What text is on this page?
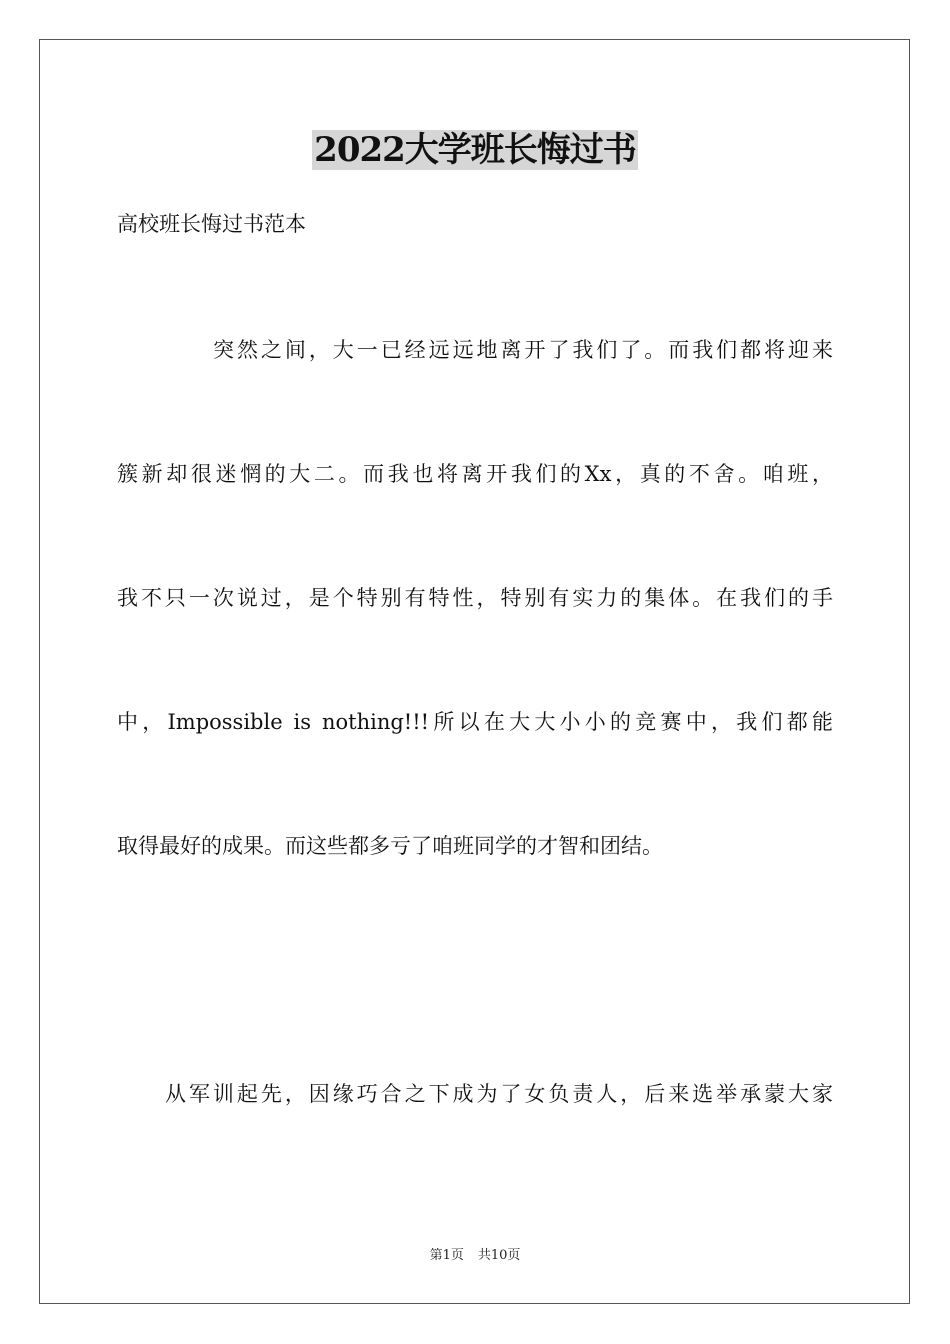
2022大学班长悔过书
高校班长悔过书范本
突然之间，大一已经远远地离开了我们了。而我们都将迎来
簇新却很迷惘的大二。而我也将离开我们的Xx，真的不舍。咱班，
我不只一次说过，是个特别有特性，特别有实力的集体。在我们的手
中，Impossible is nothing!!!所以在大大小小的竞赛中，我们都能
取得最好的成果。而这些都多亏了咱班同学的才智和团结。
从军训起先，因缘巧合之下成为了女负责人，后来选举承蒙大家
第1页 共10页
